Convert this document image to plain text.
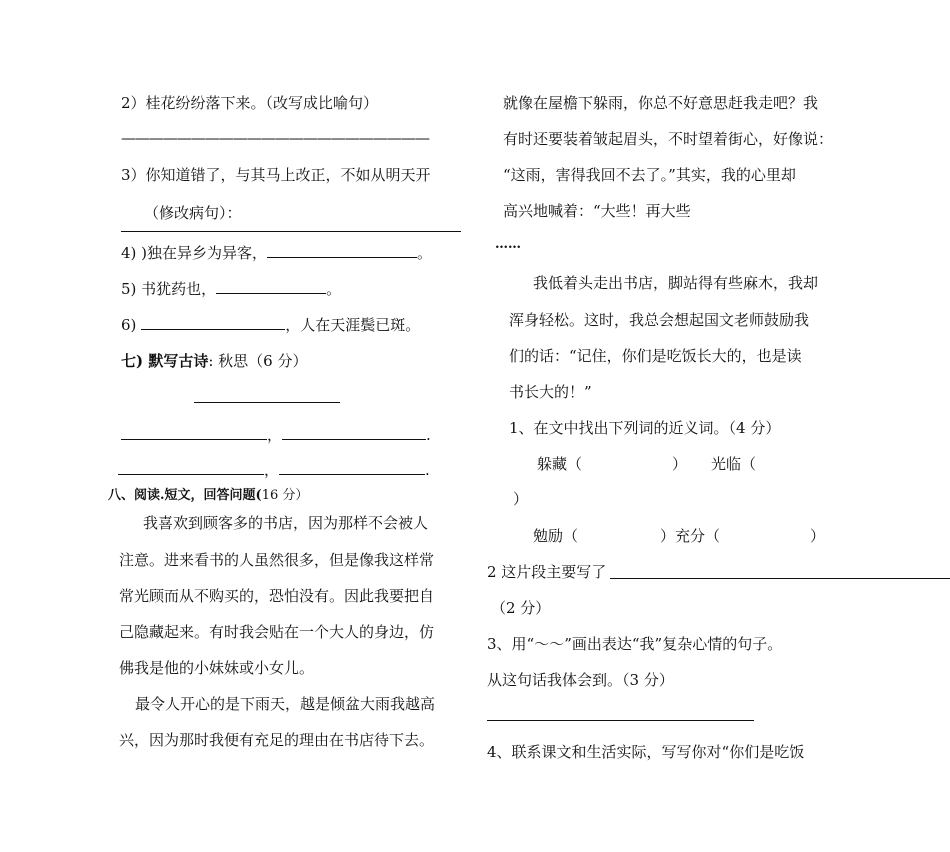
2）桂花纷纷落下来。（改写成比喻句）
——————————————————————
3）你知道错了，与其马上改正，不如从明天开
（修改病句）：
4) )独在异乡为异客，	。
5) 书犹药也，	。
6)	，人在天涯鬓已斑。
七) 默写古诗: 秋思（6 分）
，	.
，	.
八、阅读.短文，回答问题(16 分）
我喜欢到顾客多的书店，因为那样不会被人
注意。进来看书的人虽然很多，但是像我这样常
常光顾而从不购买的，恐怕没有。因此我要把自
己隐藏起来。有时我会贴在一个大人的身边，仿
佛我是他的小妹妹或小女儿。
最令人开心的是下雨天，越是倾盆大雨我越高
兴，因为那时我便有充足的理由在书店待下去。
就像在屋檐下躲雨，你总不好意思赶我走吧？我
有时还要装着皱起眉头，不时望着街心，好像说：
“这雨，害得我回不去了。”其实，我的心里却
高兴地喊着：“大些！再大些
……
我低着头走出书店，脚站得有些麻木，我却
浑身轻松。这时，我总会想起国文老师鼓励我
们的话：“记住，你们是吃饭长大的，也是读
书长大的！”
1、在文中找出下列词的近义词。（4 分）
躲藏（	） 光临（
）
勉励（	）充分（	）
2 这片段主要写了
（2 分）
3、用“～～”画出表达“我”复杂心情的句子。
从这句话我体会到。（3 分）
4、联系课文和生活实际，写写你对“你们是吃饭
